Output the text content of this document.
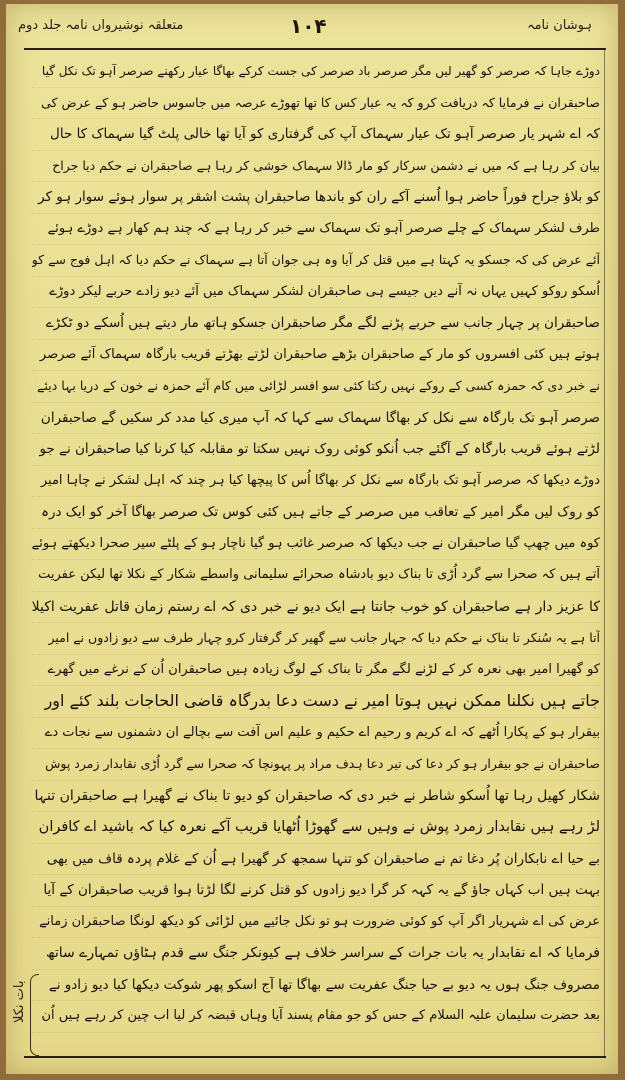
ہوشان نامہ
۱۰۴
متعلقہ نوشیرواں نامہ جلد دوم
دوڑے جاہا کہ صرصر کو گھیر لیں مگر صرصر باد صرصر کی جست کرکے بھاگا عیار رکھنے صرصر آہو تک نکل گیا
صاحبقران نے فرمایا کہ دریافت کرو کہ یہ عیار کس کا تھا تھوڑے عرصہ میں جاسوس حاضر ہو کے عرض کی
کہ اے شہر یار صرصر آہو تک عیار سہماک آپ کی گرفتاری کو آیا تھا خالی پلٹ گیا سہماک کا حال
بیان کر رہا ہے کہ میں نے دشمن سرکار کو مار ڈالا سہماک خوشی کر رہا ہے صاحبقران نے حکم دیا جراح
کو بلاؤ جراح فوراً حاضر ہوا اُسنے آکے ران کو باندھا صاحبقران پشت اشقر پر سوار ہوئے سوار ہو کر
طرف لشکر سہماک کے چلے صرصر آہو تک سہماک سے خبر کر رہا ہے کہ چند ہم کھار ہے دوڑے ہوئے
آئے عرض کی کہ جسکو یہ کہتا ہے میں قتل کر آیا وہ ہی جوان آتا ہے سہماک نے حکم دیا کہ اہل فوج سے کو
اُسکو روکو کہیں یہاں نہ آنے دیں جیسے ہی صاحبقران لشکر سہماک میں آئے دیو زادے حربے لیکر دوڑے
صاحبقران پر چہار جانب سے حربے پڑنے لگے مگر صاحبقران جسکو ہاتھ مار دیتے ہیں اُسکے دو ٹکڑے
ہوتے ہیں کئی افسروں کو مار کے صاحبقران بڑھے صاحبقران لڑتے بھڑتے قریب بارگاہ سہماک آئے صرصر
نے خبر دی کہ حمزہ کسی کے روکے نہیں رکتا کئی سو افسر لڑائی میں کام آئے حمزہ نے خون کے دریا بہا دیئے
صرصر آہو تک بارگاہ سے نکل کر بھاگا سہماک سے کہا کہ آپ میری کیا مدد کر سکیں گے صاحبقران
لڑتے ہوئے قریب بارگاہ کے آگئے جب اُنکو کوئی روک نہیں سکتا تو مقابلہ کیا کرنا کیا صاحبقران نے جو
دوڑے دیکھا کہ صرصر آہو تک بارگاہ سے نکل کر بھاگا اُس کا پیچھا کیا ہر چند کہ اہل لشکر نے چاہا امیر
کو روک لیں مگر امیر کے تعاقب میں صرصر کے جاتے ہیں کئی کوس تک صرصر بھاگا آخر کو ایک درہ
کوہ میں چھپ گیا صاحبقران نے جب دیکھا کہ صرصر غائب ہو گیا ناچار ہو کے پلٹے سیر صحرا دیکھتے ہوئے
آتے ہیں کہ صحرا سے گرد اُڑی تا بناک دیو بادشاہ صحرائے سلیمانی واسطے شکار کے نکلا تھا لیکن عفریت
کا عزیز دار ہے صاحبقران کو خوب جانتا ہے ایک دیو نے خبر دی کہ اے رستم زمان قاتل عفریت اکیلا
آتا ہے یہ سُنکر تا بناک نے حکم دیا کہ جہار جانب سے گھیر کر گرفتار کرو چہار طرف سے دیو زادوں نے امیر
کو گھیرا امیر بھی نعرہ کر کے لڑنے لگے مگر تا بناک کے لوگ زیادہ ہیں صاحبقران اُن کے نرغے میں گھرے
جاتے ہیں نکلنا ممکن نہیں ہوتا امیر نے دست دعا بدرگاہ قاضی الحاجات بلند کئے اور
بیقرار ہو کے پکارا اُٹھے کہ اے کریم و رحیم اے حکیم و علیم اس آفت سے بچالے ان دشمنوں سے نجات دے
صاحبقران نے جو بیقرار ہو کر دعا کی تیر دعا ہدف مراد پر پہونچا کہ صحرا سے گرد اُڑی نقابدار زمرد پوش
شکار کھیل رہا تھا اُسکو شاطر نے خبر دی کہ صاحبقران کو دیو تا بناک نے گھیرا ہے صاحبقران تنہا
لڑ رہے ہیں نقابدار زمرد پوش نے وہیں سے گھوڑا اُٹھایا قریب آکے نعرہ کیا کہ باشید اے کافران
بے حیا اے نابکاران پُر دغا تم نے صاحبقران کو تنہا سمجھ کر گھیرا ہے اُن کے غلام پردہ قاف میں بھی
بہت ہیں اب کہاں جاؤ گے یہ کہہ کر گرا دیو زادوں کو قتل کرنے لگا لڑتا ہوا قریب صاحبقران کے آیا
عرض کی اے شہریار اگر آپ کو کوئی ضرورت ہو تو نکل جائیے میں لڑائی کو دیکھ لونگا صاحبقران زمانے
فرمایا کہ اے نقابدار یہ بات جرات کے سراسر خلاف ہے کیونکر جنگ سے قدم ہٹاؤں تمہارے ساتھ
مصروف جنگ ہوں یہ دیو بے حیا جنگ عفریت سے بھاگا تھا آج اسکو پھر شوکت دیکھا کیا دیو زادو نے
بعد حضرت سلیمان علیہ السلام کے جس کو جو مقام پسند آیا وہاں قبضہ کر لیا اب چین کر رہے ہیں اُن
بات نکلا
